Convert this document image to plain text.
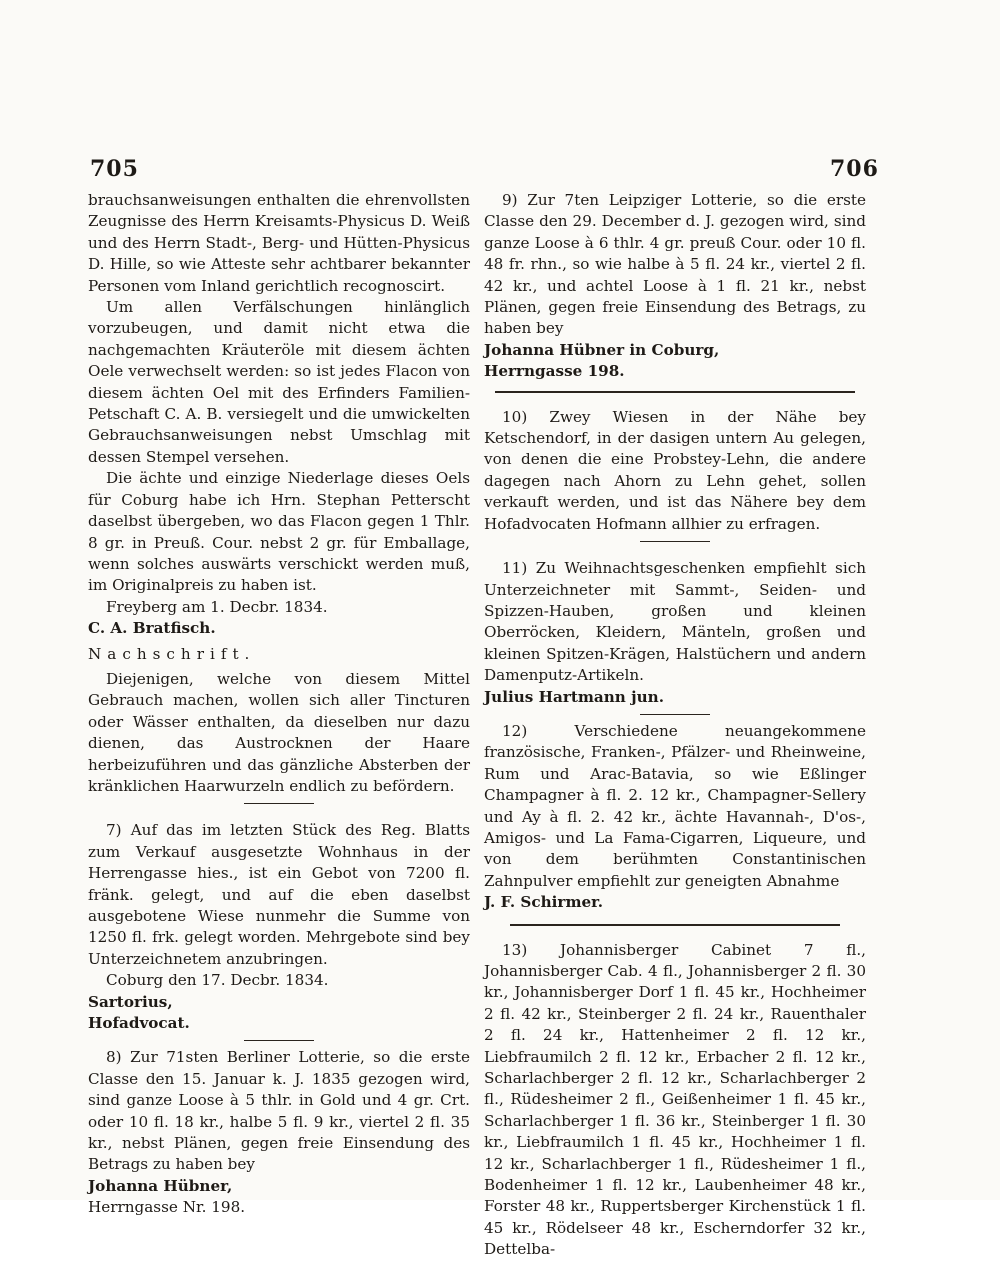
705	706

brauchsanweisungen enthalten die ehrenvollsten Zeugnisse des Herrn Kreisamts-Physicus D. Weiß und des Herrn Stadt-, Berg- und Hütten-Physicus D. Hille, so wie Atteste sehr achtbarer bekannter Personen vom Inland gerichtlich recognoscirt.

Um allen Verfälschungen hinlänglich vorzubeugen, und damit nicht etwa die nachgemachten Kräuteröle mit diesem ächten Oele verwechselt werden: so ist jedes Flacon von diesem ächten Oel mit des Erfinders Familien-Petschaft C. A. B. versiegelt und die umwickelten Gebrauchsanweisungen nebst Umschlag mit dessen Stempel versehen.

Die ächte und einzige Niederlage dieses Oels für Coburg habe ich Hrn. Stephan Petterscht daselbst übergeben, wo das Flacon gegen 1 Thlr. 8 gr. in Preuß. Cour. nebst 2 gr. für Emballage, wenn solches auswärts verschickt werden muß, im Originalpreis zu haben ist.

Freyberg am 1. Decbr. 1834.

C. A. Bratfisch.

Nachschrift.

Diejenigen, welche von diesem Mittel Gebrauch machen, wollen sich aller Tincturen oder Wässer enthalten, da dieselben nur dazu dienen, das Austrocknen der Haare herbeizuführen und das gänzliche Absterben der kränklichen Haarwurzeln endlich zu befördern.

7) Auf das im letzten Stück des Reg. Blatts zum Verkauf ausgesetzte Wohnhaus in der Herrengasse hies., ist ein Gebot von 7200 fl. fränk. gelegt, und auf die eben daselbst ausgebotene Wiese nunmehr die Summe von 1250 fl. frk. gelegt worden. Mehrgebote sind bey Unterzeichnetem anzubringen.

Coburg den 17. Decbr. 1834.

Sartorius,

Hofadvocat.

8) Zur 71sten Berliner Lotterie, so die erste Classe den 15. Januar k. J. 1835 gezogen wird, sind ganze Loose à 5 thlr. in Gold und 4 gr. Crt. oder 10 fl. 18 kr., halbe 5 fl. 9 kr., viertel 2 fl. 35 kr., nebst Plänen, gegen freie Einsendung des Betrags zu haben bey

Johanna Hübner,

Herrngasse Nr. 198.

9) Zur 7ten Leipziger Lotterie, so die erste Classe den 29. December d. J. gezogen wird, sind ganze Loose à 6 thlr. 4 gr. preuß Cour. oder 10 fl. 48 fr. rhn., so wie halbe à 5 fl. 24 kr., viertel 2 fl. 42 kr., und achtel Loose à 1 fl. 21 kr., nebst Plänen, gegen freie Einsendung des Betrags, zu haben bey

Johanna Hübner in Coburg,

Herrngasse 198.

10) Zwey Wiesen in der Nähe bey Ketschendorf, in der dasigen untern Au gelegen, von denen die eine Probstey-Lehn, die andere dagegen nach Ahorn zu Lehn gehet, sollen verkauft werden, und ist das Nähere bey dem Hofadvocaten Hofmann allhier zu erfragen.

11) Zu Weihnachtsgeschenken empfiehlt sich Unterzeichneter mit Sammt-, Seiden- und Spizzen-Hauben, großen und kleinen Oberröcken, Kleidern, Mänteln, großen und kleinen Spitzen-Krägen, Halstüchern und andern Damenputz-Artikeln.

Julius Hartmann jun.

12) Verschiedene neuangekommene französische, Franken-, Pfälzer- und Rheinweine, Rum und Arac-Batavia, so wie Eßlinger Champagner à fl. 2. 12 kr., Champagner-Sellery und Ay à fl. 2. 42 kr., ächte Havannah-, D'os-, Amigos- und La Fama-Cigarren, Liqueure, und von dem berühmten Constantinischen Zahnpulver empfiehlt zur geneigten Abnahme

J. F. Schirmer.

13) Johannisberger Cabinet 7 fl., Johannisberger Cab. 4 fl., Johannisberger 2 fl. 30 kr., Johannisberger Dorf 1 fl. 45 kr., Hochheimer 2 fl. 42 kr., Steinberger 2 fl. 24 kr., Rauenthaler 2 fl. 24 kr., Hattenheimer 2 fl. 12 kr., Liebfraumilch 2 fl. 12 kr., Erbacher 2 fl. 12 kr., Scharlachberger 2 fl. 12 kr., Scharlachberger 2 fl., Rüdesheimer 2 fl., Geißenheimer 1 fl. 45 kr., Scharlachberger 1 fl. 36 kr., Steinberger 1 fl. 30 kr., Liebfraumilch 1 fl. 45 kr., Hochheimer 1 fl. 12 kr., Scharlachberger 1 fl., Rüdesheimer 1 fl., Bodenheimer 1 fl. 12 kr., Laubenheimer 48 kr., Forster 48 kr., Ruppertsberger Kirchenstück 1 fl. 45 kr., Rödelseer 48 kr., Escherndorfer 32 kr., Dettelba-
